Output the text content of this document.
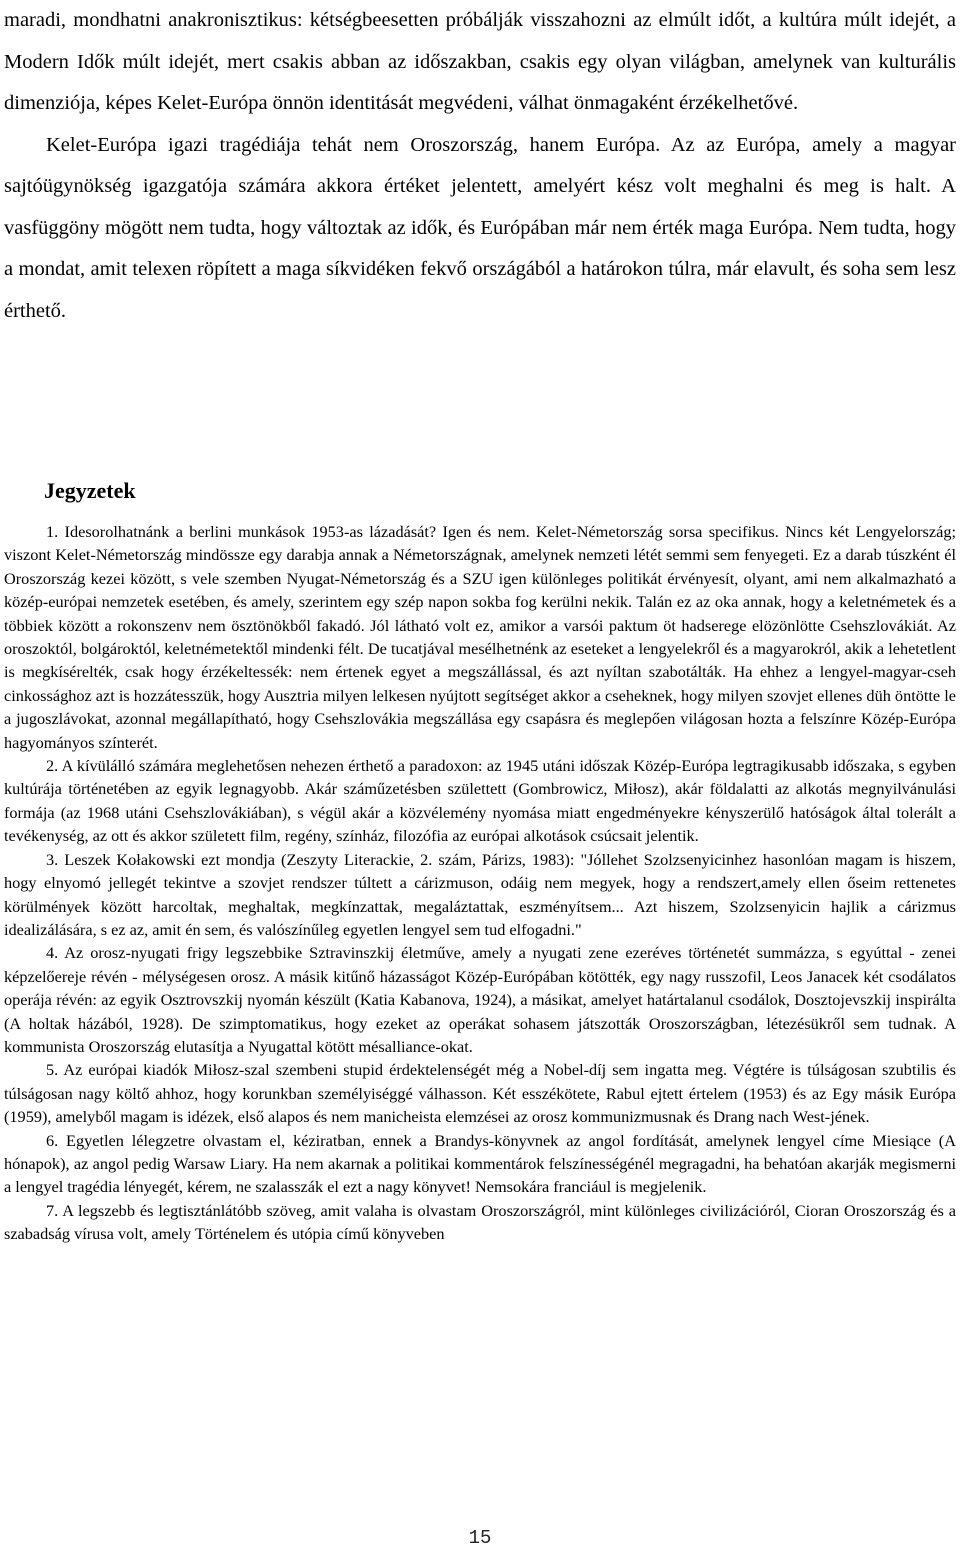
maradi, mondhatni anakronisztikus: kétségbeesetten próbálják visszahozni az elmúlt időt, a kultúra múlt idejét, a Modern Idők múlt idejét, mert csakis abban az időszakban, csakis egy olyan világban, amelynek van kulturális dimenziója, képes Kelet-Európa önnön identitását megvédeni, válhat önmagaként érzékelhetővé.

Kelet-Európa igazi tragédiája tehát nem Oroszország, hanem Európa. Az az Európa, amely a magyar sajtóügynökség igazgatója számára akkora értéket jelentett, amelyért kész volt meghalni és meg is halt. A vasfüggöny mögött nem tudta, hogy változtak az idők, és Európában már nem érték maga Európa. Nem tudta, hogy a mondat, amit telexen röpített a maga síkvidéken fekvő országából a határokon túlra, már elavult, és soha sem lesz érthető.

Jegyzetek

1. Idesorolhatnánk a berlini munkások 1953-as lázadását? Igen és nem. Kelet-Németország sorsa specifikus. Nincs két Lengyelország; viszont Kelet-Németország mindössze egy darabja annak a Németországnak, amelynek nemzeti létét semmi sem fenyegeti. Ez a darab túszként él Oroszország kezei között, s vele szemben Nyugat-Németország és a SZU igen különleges politikát érvényesít, olyant, ami nem alkalmazható a közép-európai nemzetek esetében, és amely, szerintem egy szép napon sokba fog kerülni nekik. Talán ez az oka annak, hogy a keletnémetek és a többiek között a rokonszenv nem ösztönökből fakadó. Jól látható volt ez, amikor a varsói paktum öt hadserege elözönlötte Csehszlovákiát. Az oroszoktól, bolgároktól, keletnémetektől mindenki félt. De tucatjával mesélhetnénk az eseteket a lengyelekről és a magyarokról, akik a lehetetlent is megkísérelték, csak hogy érzékeltessék: nem értenek egyet a megszállással, és azt nyíltan szabotálták. Ha ehhez a lengyel-magyar-cseh cinkossághoz azt is hozzátesszük, hogy Ausztria milyen lelkesen nyújtott segítséget akkor a cseheknek, hogy milyen szovjet ellenes düh öntötte le a jugoszlávokat, azonnal megállapítható, hogy Csehszlovákia megszállása egy csapásra és meglepően világosan hozta a felszínre Közép-Európa hagyományos színterét.

2. A kívülálló számára meglehetősen nehezen érthető a paradoxon: az 1945 utáni időszak Közép-Európa legtragikusabb időszaka, s egyben kultúrája történetében az egyik legnagyobb. Akár száműzetésben születtett (Gombrowicz, Miłosz), akár földalatti az alkotás megnyilvánulási formája (az 1968 utáni Csehszlovákiában), s végül akár a közvélemény nyomása miatt engedményekre kényszerülő hatóságok által tolerált a tevékenység, az ott és akkor született film, regény, színház, filozófia az európai alkotások csúcsait jelentik.

3. Leszek Kołakowski ezt mondja (Zeszyty Literackie, 2. szám, Párizs, 1983): "Jóllehet Szolzsenyicinhez hasonlóan magam is hiszem, hogy elnyomó jellegét tekintve a szovjet rendszer túltett a cárizmuson, odáig nem megyek, hogy a rendszert,amely ellen őseim rettenetes körülmények között harcoltak, meghaltak, megkínzattak, megaláztattak, eszményítsem... Azt hiszem, Szolzsenyicin hajlik a cárizmus idealizálására, s ez az, amit én sem, és valószínűleg egyetlen lengyel sem tud elfogadni."

4. Az orosz-nyugati frigy legszebbike Sztravinszkij életműve, amely a nyugati zene ezeréves történetét summázza, s egyúttal - zenei képzelőereje révén - mélységesen orosz. A másik kitűnő házasságot Közép-Európában kötötték, egy nagy russzofil, Leos Janacek két csodálatos operája révén: az egyik Osztrovszkij nyomán készült (Katia Kabanova, 1924), a másikat, amelyet határtalanul csodálok, Dosztojevszkij inspirálta (A holtak házából, 1928). De szimptomatikus, hogy ezeket az operákat sohasem játszották Oroszországban, létezésükről sem tudnak. A kommunista Oroszország elutasítja a Nyugattal kötött mésalliance-okat.

5. Az európai kiadók Miłosz-szal szembeni stupid érdektelenségét még a Nobel-díj sem ingatta meg. Végtére is túlságosan szubtilis és túlságosan nagy költő ahhoz, hogy korunkban személyiséggé válhasson. Két esszékötete, Rabul ejtett értelem (1953) és az Egy másik Európa (1959), amelyből magam is idézek, első alapos és nem manicheista elemzései az orosz kommunizmusnak és Drang nach West-jének.

6. Egyetlen lélegzetre olvastam el, kéziratban, ennek a Brandys-könyvnek az angol fordítását, amelynek lengyel címe Miesiące (A hónapok), az angol pedig Warsaw Liary. Ha nem akarnak a politikai kommentárok felszínességénél megragadni, ha behatóan akarják megismerni a lengyel tragédia lényegét, kérem, ne szalasszák el ezt a nagy könyvet! Nemsokára franciául is megjelenik.

7. A legszebb és legtisztánlátóbb szöveg, amit valaha is olvastam Oroszországról, mint különleges civilizációról, Cioran Oroszország és a szabadság vírusa volt, amely Történelem és utópia című könyveben

15
